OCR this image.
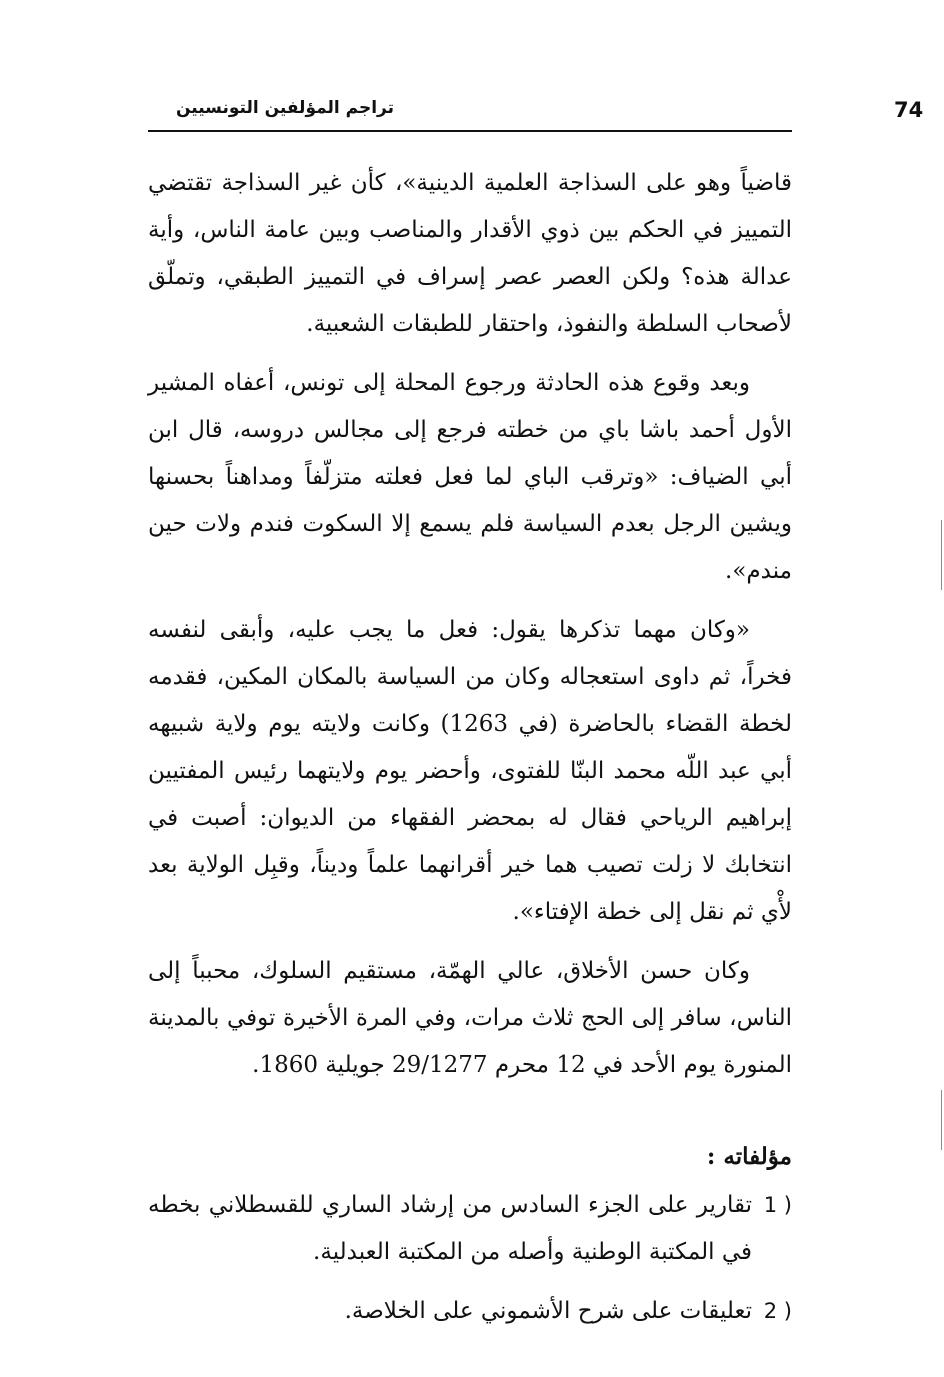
74
تراجم المؤلفين التونسيين

قاضياً وهو على السذاجة العلمية الدينية»، كأن غير السذاجة تقتضي التمييز في الحكم بين ذوي الأقدار والمناصب وبين عامة الناس، وأية عدالة هذه؟ ولكن العصر عصر إسراف في التمييز الطبقي، وتملّق لأصحاب السلطة والنفوذ، واحتقار للطبقات الشعبية.

وبعد وقوع هذه الحادثة ورجوع المحلة إلى تونس، أعفاه المشير الأول أحمد باشا باي من خطته فرجع إلى مجالس دروسه، قال ابن أبي الضياف: «وترقب الباي لما فعل فعلته متزلّفاً ومداهناً بحسنها ويشين الرجل بعدم السياسة فلم يسمع إلا السكوت فندم ولات حين مندم».

«وكان مهما تذكرها يقول: فعل ما يجب عليه، وأبقى لنفسه فخراً، ثم داوى استعجاله وكان من السياسة بالمكان المكين، فقدمه لخطة القضاء بالحاضرة (في 1263) وكانت ولايته يوم ولاية شبيهه أبي عبد اللّه محمد البنّا للفتوى، وأحضر يوم ولايتهما رئيس المفتيين إبراهيم الرياحي فقال له بمحضر الفقهاء من الديوان: أصبت في انتخابك لا زلت تصيب هما خير أقرانهما علماً وديناً، وقبِل الولاية بعد لأْي ثم نقل إلى خطة الإفتاء».

وكان حسن الأخلاق، عالي الهمّة، مستقيم السلوك، محبباً إلى الناس، سافر إلى الحج ثلاث مرات، وفي المرة الأخيرة توفي بالمدينة المنورة يوم الأحد في 12 محرم 29/1277 جويلية 1860.

مؤلفاته :
1 )
تقارير على الجزء السادس من إرشاد الساري للقسطلاني بخطه في المكتبة الوطنية وأصله من المكتبة العبدلية.
2 )
تعليقات على شرح الأشموني على الخلاصة.
